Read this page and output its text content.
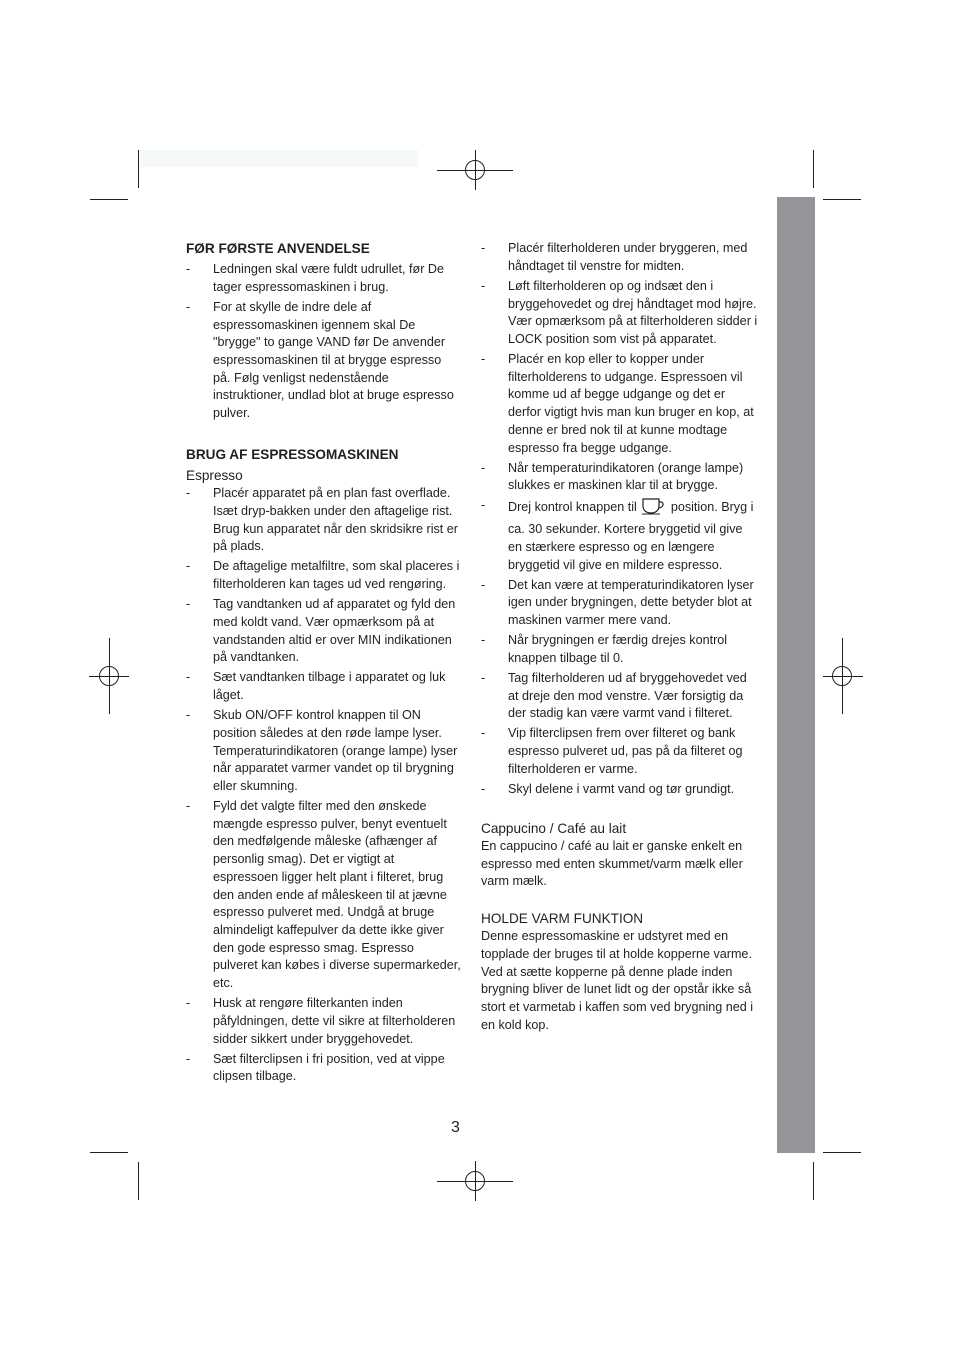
FØR FØRSTE ANVENDELSE
- Ledningen skal være fuldt udrullet, før De tager espressomaskinen i brug.
- For at skylle de indre dele af espressomaskinen igennem skal De "brygge" to gange VAND før De anvender espressomaskinen til at brygge espresso på. Følg venligst nedenstående instruktioner, undlad blot at bruge espresso pulver.
BRUG AF ESPRESSOMASKINEN
Espresso
- Placér apparatet på en plan fast overflade. Isæt dryp-bakken under den aftagelige rist. Brug kun apparatet når den skridsikre rist er på plads.
- De aftagelige metalfiltre, som skal placeres i filterholderen kan tages ud ved rengøring.
- Tag vandtanken ud af apparatet og fyld den med koldt vand. Vær opmærksom på at vandstanden altid er over MIN indikationen på vandtanken.
- Sæt vandtanken tilbage i apparatet og luk låget.
- Skub ON/OFF kontrol knappen til ON position således at den røde lampe lyser. Temperaturindikatoren (orange lampe) lyser når apparatet varmer vandet op til brygning eller skumning.
- Fyld det valgte filter med den ønskede mængde espresso pulver, benyt eventuelt den medfølgende måleske (afhænger af personlig smag). Det er vigtigt at espressoen ligger helt plant i filteret, brug den anden ende af måleskeen til at jævne espresso pulveret med. Undgå at bruge almindeligt kaffepulver da dette ikke giver den gode espresso smag. Espresso pulveret kan købes i diverse supermarkeder, etc.
- Husk at rengøre filterkanten inden påfyldningen, dette vil sikre at filterholderen sidder sikkert under bryggehovedet.
- Sæt filterclipsen i fri position, ved at vippe clipsen tilbage.
- Placér filterholderen under bryggeren, med håndtaget til venstre for midten.
- Løft filterholderen op og indsæt den i bryggehovedet og drej håndtaget mod højre. Vær opmærksom på at filterholderen sidder i LOCK position som vist på apparatet.
- Placér en kop eller to kopper under filterholderens to udgange. Espressoen vil komme ud af begge udgange og det er derfor vigtigt hvis man kun bruger en kop, at denne er bred nok til at kunne modtage espresso fra begge udgange.
- Når temperaturindikatoren (orange lampe) slukkes er maskinen klar til at brygge.
- Drej kontrol knappen til	position. Bryg i ca. 30 sekunder. Kortere bryggetid vil give en stærkere espresso og en længere bryggetid vil give en mildere espresso.
- Det kan være at temperaturindikatoren lyser igen under brygningen, dette betyder blot at maskinen varmer mere vand.
- Når brygningen er færdig drejes kontrol knappen tilbage til 0.
- Tag filterholderen ud af bryggehovedet ved at dreje den mod venstre. Vær forsigtig da der stadig kan være varmt vand i filteret.
- Vip filterclipsen frem over filteret og bank espresso pulveret ud, pas på da filteret og filterholderen er varme.
- Skyl delene i varmt vand og tør grundigt.
Cappucino / Café au lait

En cappucino / café au lait er ganske enkelt en espresso med enten skummet/varm mælk eller varm mælk.

HOLDE VARM FUNKTION

Denne espressomaskine er udstyret med en topplade der bruges til at holde kopperne varme. Ved at sætte kopperne på denne plade inden brygning bliver de lunet lidt og der opstår ikke så stort et varmetab i kaffen som ved brygning ned i en kold kop.

3
